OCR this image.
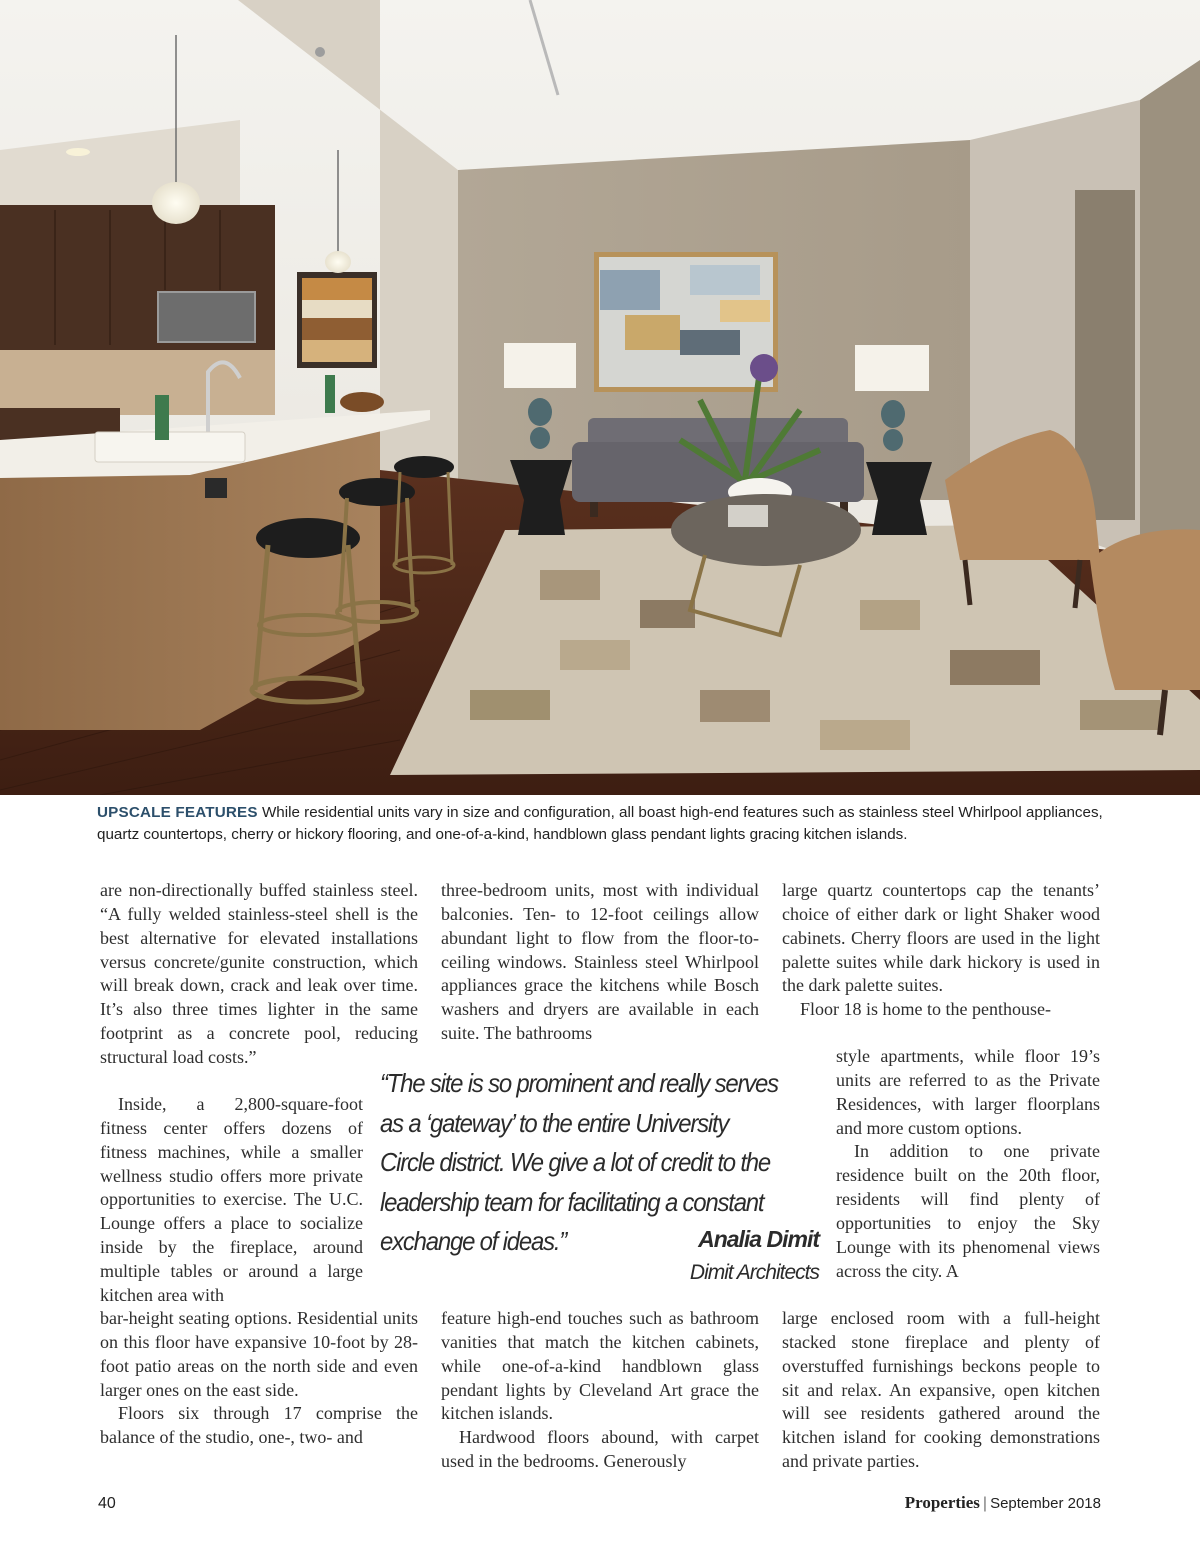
UPSCALE FEATURES While residential units vary in size and configuration, all boast high-end features such as stainless steel Whirlpool appliances, quartz countertops, cherry or hickory flooring, and one-of-a-kind, handblown glass pendant lights gracing kitchen islands.

are non-directionally buffed stainless steel. “A fully welded stainless-steel shell is the best alternative for elevated installations versus concrete/gunite construction, which will break down, crack and leak over time. It’s also three times lighter in the same footprint as a concrete pool, reducing structural load costs.”

Inside, a 2,800-square-foot fitness center offers dozens of fitness machines, while a smaller wellness studio offers more private opportunities to exercise. The U.C. Lounge offers a place to socialize inside by the fireplace, around multiple tables or around a large kitchen area with

bar-height seating options. Residential units on this floor have expansive 10-foot by 28-foot patio areas on the north side and even larger ones on the east side.

Floors six through 17 comprise the balance of the studio, one-, two- and

three-bedroom units, most with individual balconies. Ten- to 12-foot ceilings allow abundant light to flow from the floor-to-ceiling windows. Stainless steel Whirlpool appliances grace the kitchens while Bosch washers and dryers are available in each suite. The bathrooms

feature high-end touches such as bathroom vanities that match the kitchen cabinets, while one-of-a-kind handblown glass pendant lights by Cleveland Art grace the kitchen islands.

Hardwood floors abound, with carpet used in the bedrooms. Generously

large quartz countertops cap the tenants’ choice of either dark or light Shaker wood cabinets. Cherry floors are used in the light palette suites while dark hickory is used in the dark palette suites.

Floor 18 is home to the penthouse-

style apartments, while floor 19’s units are referred to as the Private Residences, with larger floorplans and more custom options.

In addition to one private residence built on the 20th floor, residents will find plenty of opportunities to enjoy the Sky Lounge with its phenomenal views across the city. A

large enclosed room with a full-height stacked stone fireplace and plenty of overstuffed furnishings beckons people to sit and relax. An expansive, open kitchen will see residents gathered around the kitchen island for cooking demonstrations and private parties.

“The site is so prominent and really serves as a ‘gateway’ to the entire University Circle district. We give a lot of credit to the leadership team for facilitating a constant exchange of ideas.”	Analia Dimit
Dimit Architects
40	Properties | September 2018
